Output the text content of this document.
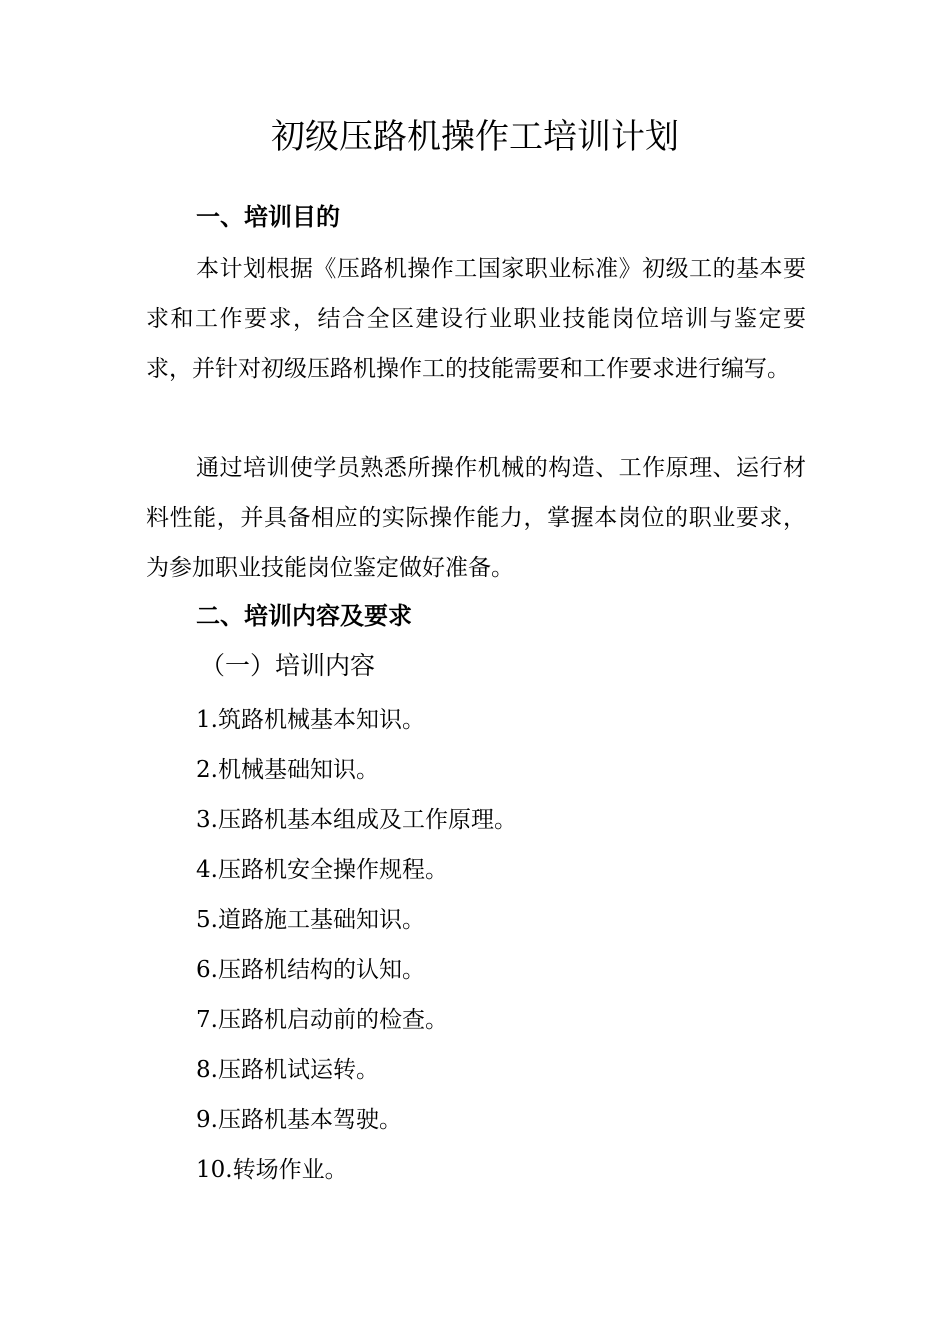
初级压路机操作工培训计划
一、培训目的

本计划根据《压路机操作工国家职业标准》初级工的基本要求和工作要求，结合全区建设行业职业技能岗位培训与鉴定要求，并针对初级压路机操作工的技能需要和工作要求进行编写。

通过培训使学员熟悉所操作机械的构造、工作原理、运行材料性能，并具备相应的实际操作能力，掌握本岗位的职业要求，为参加职业技能岗位鉴定做好准备。

二、培训内容及要求
（一）培训内容
1.筑路机械基本知识。
2.机械基础知识。
3.压路机基本组成及工作原理。
4.压路机安全操作规程。
5.道路施工基础知识。
6.压路机结构的认知。
7.压路机启动前的检查。
8.压路机试运转。
9.压路机基本驾驶。
10.转场作业。
